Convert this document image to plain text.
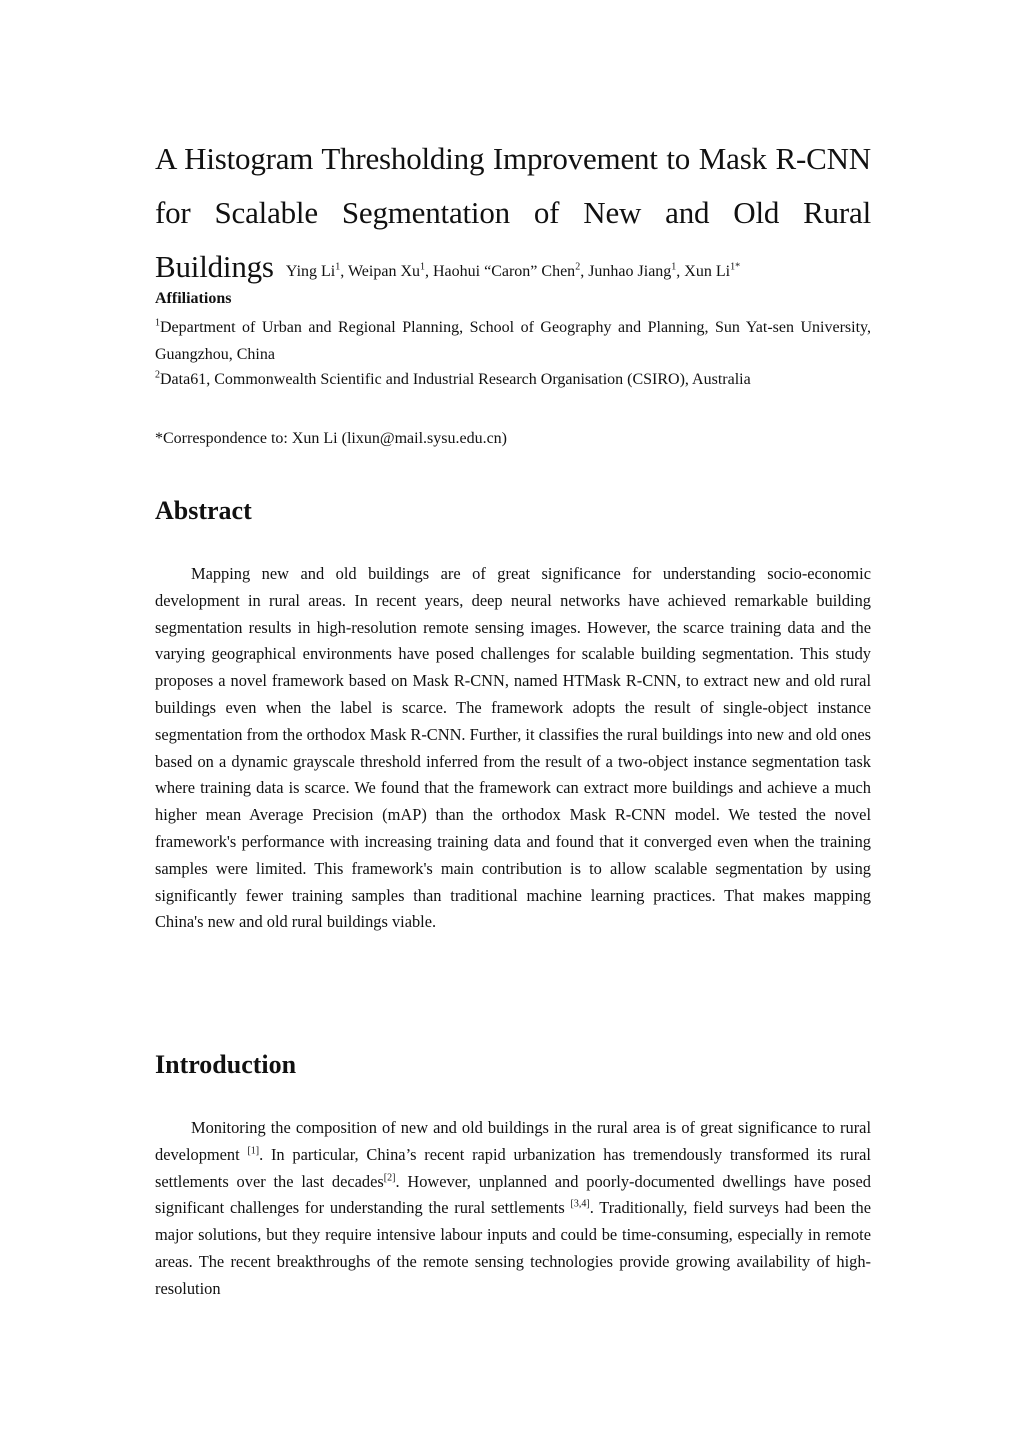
A Histogram Thresholding Improvement to Mask R-CNN
for Scalable Segmentation of New and Old Rural Buildings Ying Li$^1$, Weipan Xu$^1$, Haohui “Caron” Chen$^2$, Junhao Jiang$^1$, Xun $Li^{1*}$
Affiliations
$^1$Department of Urban and Regional Planning, School of Geography and Planning, Sun Yat-sen University, Guangzhou, China
$^2$Data61, Commonwealth Scientific and Industrial Research Organisation (CSIRO), Australia
*Correspondence to: Xun Li (lixun@mail.sysu.edu.cn)
Abstract

Mapping new and old buildings are of great significance for understanding socio-economic development in rural areas. In recent years, deep neural networks have achieved remarkable building segmentation results in high-resolution remote sensing images. However, the scarce training data and the varying geographical environments have posed challenges for scalable building segmentation. This study proposes a novel framework based on Mask R-CNN, named HTMask R-CNN, to extract new and old rural buildings even when the label is scarce. The framework adopts the result of single-object instance segmentation from the orthodox Mask R-CNN. Further, it classifies the rural buildings into new and old ones based on a dynamic grayscale threshold inferred from the result of a two-object instance segmentation task where training data is scarce. We found that the framework can extract more buildings and achieve a much higher mean Average Precision (mAP) than the orthodox Mask R-CNN model. We tested the novel framework's performance with increasing training data and found that it converged even when the training samples were limited. This framework's main contribution is to allow scalable segmentation by using significantly fewer training samples than traditional machine learning practices. That makes mapping China's new and old rural buildings viable.

Introduction

Monitoring the composition of new and old buildings in the rural area is of great significance to rural development [1]. In particular, China’s recent rapid urbanization has tremendously transformed its rural settlements over the last decades[2]. However, unplanned and poorly-documented dwellings have posed significant challenges for understanding the rural settlements [3,4]. Traditionally, field surveys had been the major solutions, but they require intensive labour inputs and could be time-consuming, especially in remote areas. The recent breakthroughs of the remote sensing technologies provide growing availability of high-resolution
